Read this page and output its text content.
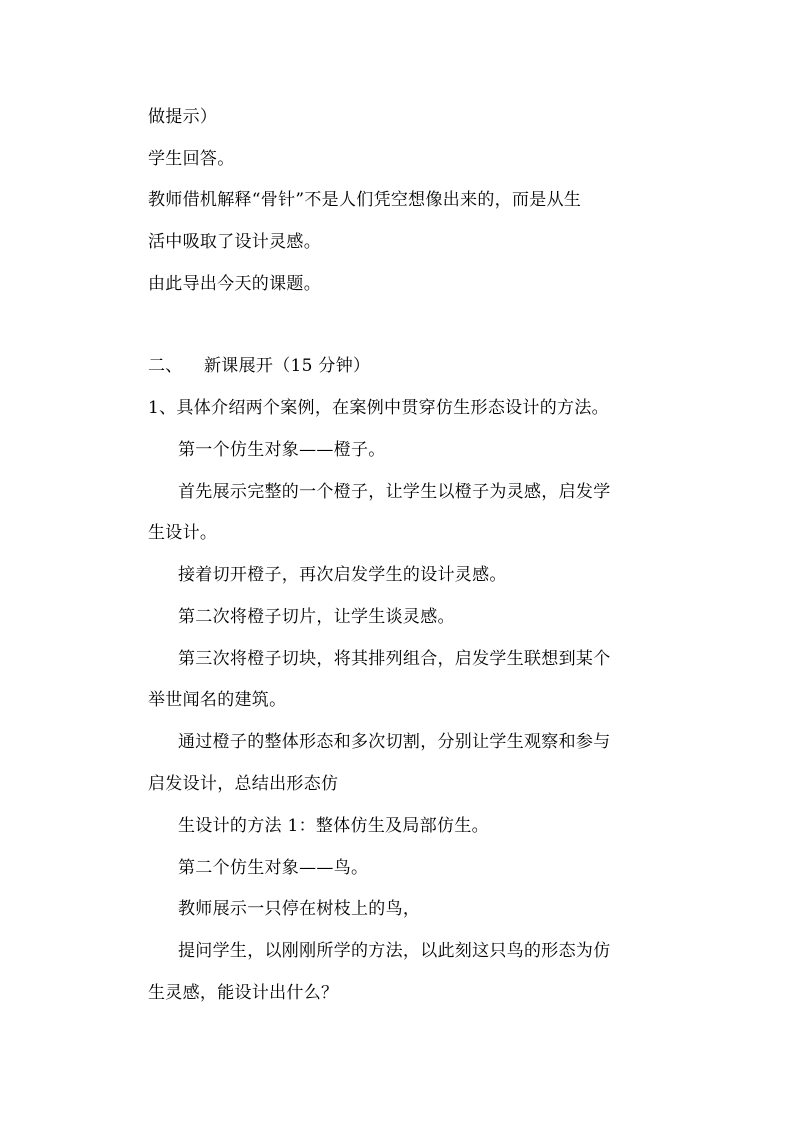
做提示）
学生回答。
教师借机解释“骨针”不是人们凭空想像出来的，而是从生
活中吸取了设计灵感。
由此导出今天的课题。
二、 新课展开（15 分钟）
1、具体介绍两个案例，在案例中贯穿仿生形态设计的方法。
第一个仿生对象——橙子。
首先展示完整的一个橙子，让学生以橙子为灵感，启发学
生设计。
接着切开橙子，再次启发学生的设计灵感。
第二次将橙子切片，让学生谈灵感。
第三次将橙子切块，将其排列组合，启发学生联想到某个
举世闻名的建筑。
通过橙子的整体形态和多次切割，分别让学生观察和参与
启发设计，总结出形态仿
生设计的方法 1：整体仿生及局部仿生。
第二个仿生对象——鸟。
教师展示一只停在树枝上的鸟，
提问学生，以刚刚所学的方法，以此刻这只鸟的形态为仿
生灵感，能设计出什么？
